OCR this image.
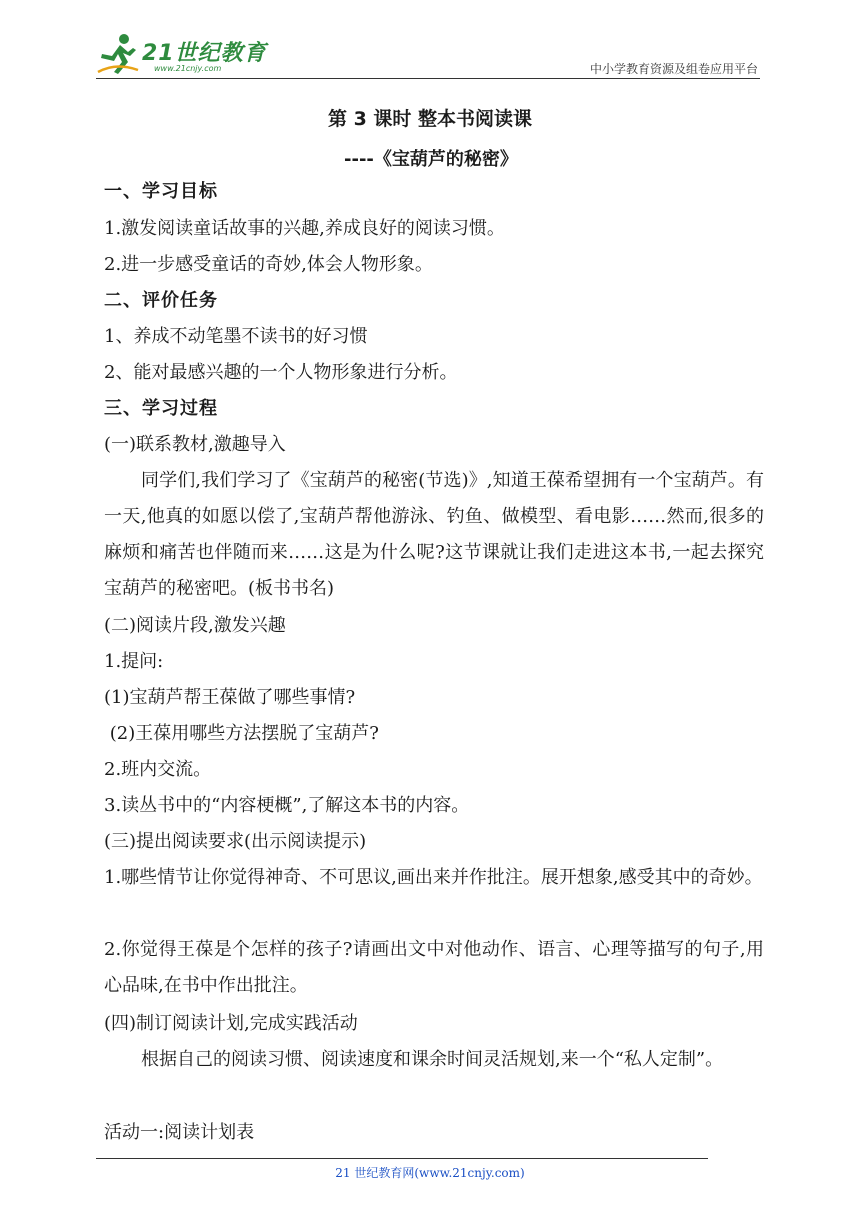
21世纪教育
www.21cnjy.com	中小学教育资源及组卷应用平台
第 3 课时 整本书阅读课
----《宝葫芦的秘密》
一、学习目标
1.激发阅读童话故事的兴趣,养成良好的阅读习惯。
2.进一步感受童话的奇妙,体会人物形象。
二、评价任务
1、养成不动笔墨不读书的好习惯
2、能对最感兴趣的一个人物形象进行分析。
三、学习过程
(一)联系教材,激趣导入
同学们,我们学习了《宝葫芦的秘密(节选)》,知道王葆希望拥有一个宝葫芦。有一天,他真的如愿以偿了,宝葫芦帮他游泳、钓鱼、做模型、看电影……然而,很多的麻烦和痛苦也伴随而来……这是为什么呢?这节课就让我们走进这本书,一起去探究宝葫芦的秘密吧。(板书书名)
(二)阅读片段,激发兴趣
1.提问:
(1)宝葫芦帮王葆做了哪些事情?
(2)王葆用哪些方法摆脱了宝葫芦?
2.班内交流。
3.读丛书中的“内容梗概”,了解这本书的内容。
(三)提出阅读要求(出示阅读提示)
1.哪些情节让你觉得神奇、不可思议,画出来并作批注。展开想象,感受其中的奇妙。
2.你觉得王葆是个怎样的孩子?请画出文中对他动作、语言、心理等描写的句子,用心品味,在书中作出批注。
(四)制订阅读计划,完成实践活动
根据自己的阅读习惯、阅读速度和课余时间灵活规划,来一个“私人定制”。
活动一:阅读计划表
21 世纪教育网(www.21cnjy.com)
